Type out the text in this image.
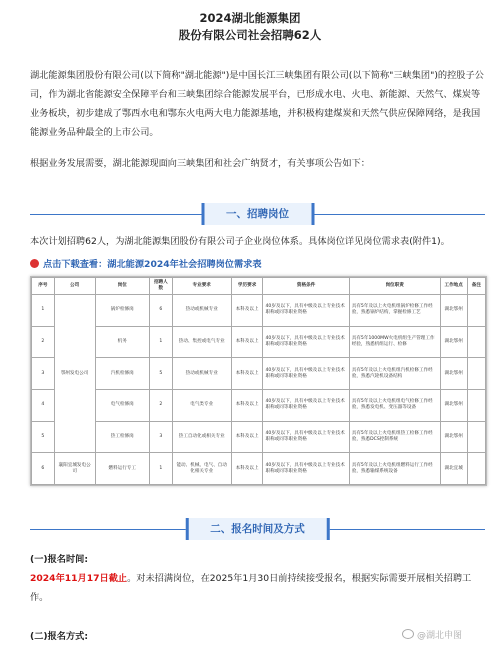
2024湖北能源集团
股份有限公司社会招聘62人
湖北能源集团股份有限公司(以下简称"湖北能源")是中国长江三峡集团有限公司(以下简称"三峡集团")的控股子公司，作为湖北省能源安全保障平台和三峡集团综合能源发展平台，已形成水电、火电、新能源、天然气、煤炭等业务板块，初步建成了鄂西水电和鄂东火电两大电力能源基地，并积极构建煤炭和天然气供应保障网络，是我国能源业务品种最全的上市公司。
根据业务发展需要，湖北能源现面向三峡集团和社会广纳贤才，有关事项公告如下：
一、招聘岗位
本次计划招聘62人，为湖北能源集团股份有限公司子企业岗位体系。具体岗位详见岗位需求表(附件1)。
点击下载查看：湖北能源2024年社会招聘岗位需求表
序号	公司	岗位	招聘人数	专业要求	学历要求	资格条件	岗位职责	工作地点	备注
1	鄂州发电公司	锅炉检修岗	6	热动或机械专业	本科及以上	40岁及以下，具有中级及以上专业技术职称或同等职业资格	具有5年及以上火电机组锅炉检修工作经验，熟悉锅炉结构，掌握检修工艺	湖北鄂州	
2		机务	1	热动、集控或电气专业	本科及以上	40岁及以下，具有中级及以上专业技术职称或同等职业资格	具有5年1000MW火电机组生产管理工作经验，熟悉机组运行、检修	湖北鄂州	
3		汽机检修岗	5	热动或机械专业	本科及以上	40岁及以下，具有中级及以上专业技术职称或同等职业资格	具有5年及以上火电机组汽机检修工作经验，熟悉汽轮机设备结构	湖北鄂州	
4		电气检修岗	2	电气类专业	本科及以上	40岁及以下，具有中级及以上专业技术职称或同等职业资格	具有5年及以上火电机组电气检修工作经验，熟悉发电机、变压器等设备	湖北鄂州	
5		热工检修岗	3	热工自动化或相关专业	本科及以上	40岁及以下，具有中级及以上专业技术职称或同等职业资格	具有5年及以上火电机组热工检修工作经验，熟悉DCS控制系统	湖北鄂州	
6	襄阳宜城发电公司	燃料运行专工	1	能动、机械、电气、自动化相关专业	本科及以上	40岁及以下，具有中级及以上专业技术职称或同等职业资格	具有5年及以上火电机组燃料运行工作经验，熟悉输煤系统设备	湖北宜城	
二、报名时间及方式
(一)报名时间:
2024年11月17日截止。对未招满岗位，在2025年1月30日前持续接受报名，根据实际需要开展相关招聘工作。
(二)报名方式:	@湖北申图
